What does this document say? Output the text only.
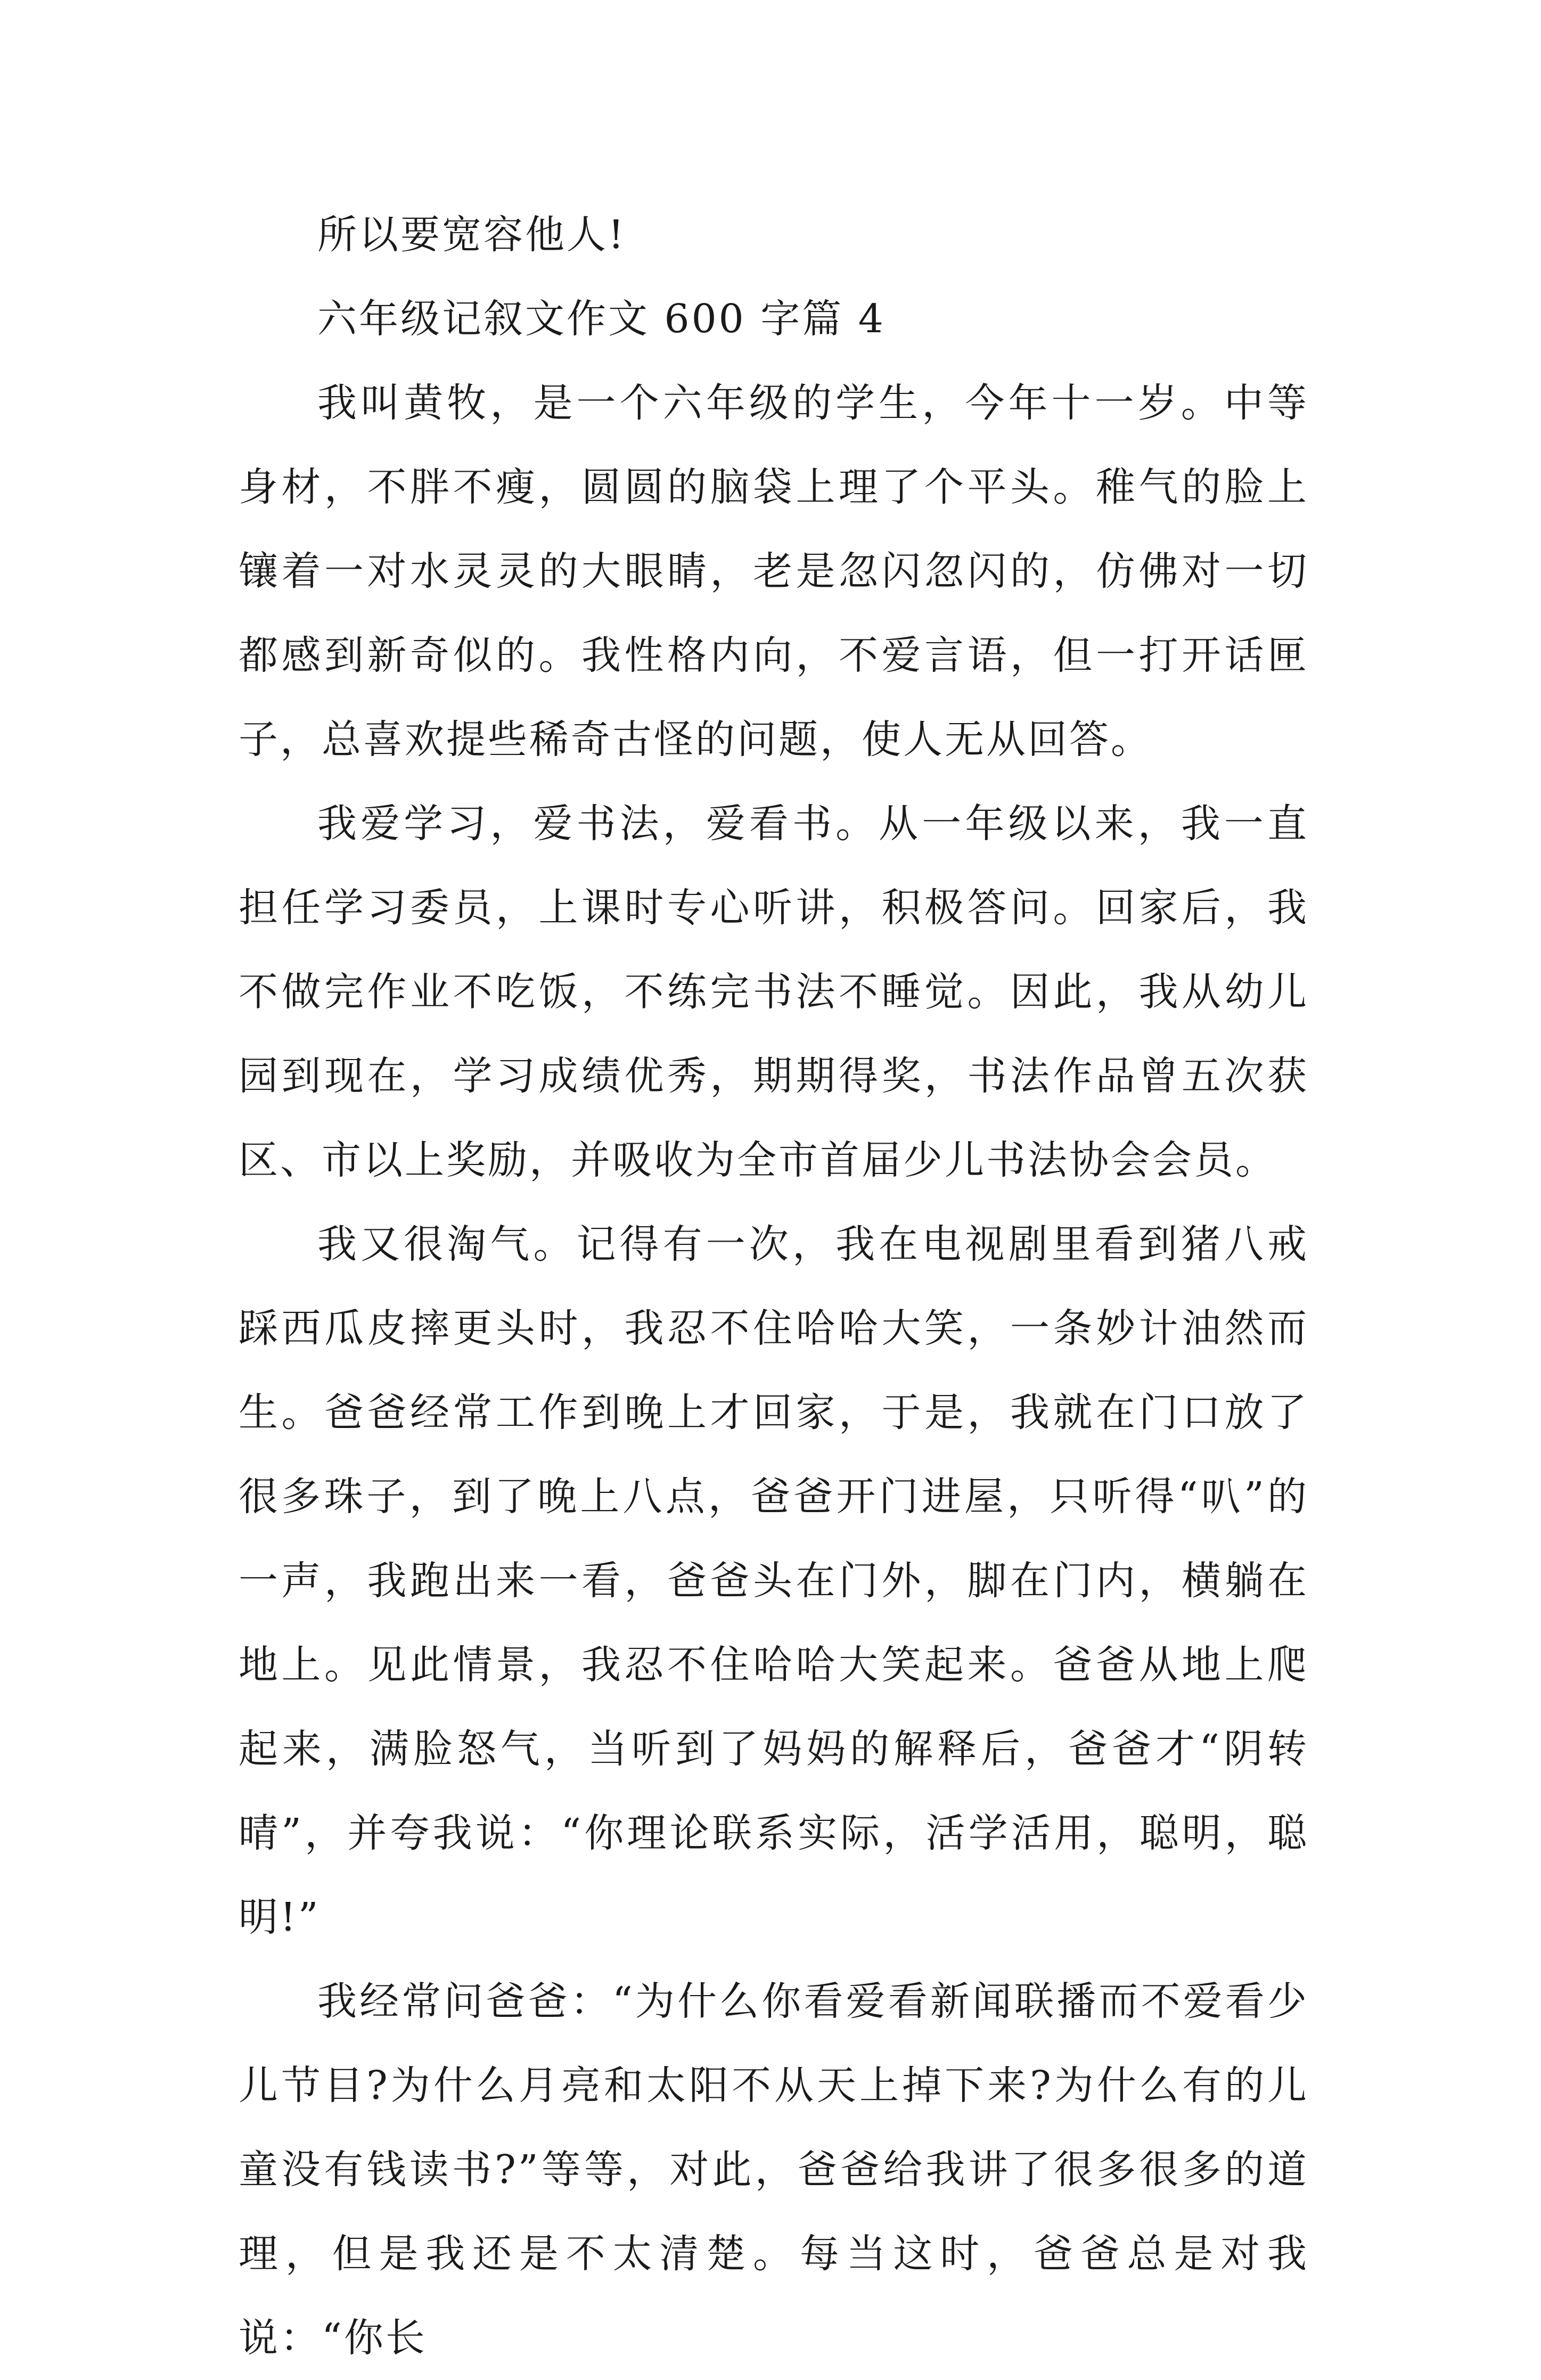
所以要宽容他人!

六年级记叙文作文 600 字篇 4

我叫黄牧，是一个六年级的学生，今年十一岁。中等身材，不胖不瘦，圆圆的脑袋上理了个平头。稚气的脸上镶着一对水灵灵的大眼睛，老是忽闪忽闪的，仿佛对一切都感到新奇似的。我性格内向，不爱言语，但一打开话匣子，总喜欢提些稀奇古怪的问题，使人无从回答。

我爱学习，爱书法，爱看书。从一年级以来，我一直担任学习委员，上课时专心听讲，积极答问。回家后，我不做完作业不吃饭，不练完书法不睡觉。因此，我从幼儿园到现在，学习成绩优秀，期期得奖，书法作品曾五次获区、市以上奖励，并吸收为全市首届少儿书法协会会员。

我又很淘气。记得有一次，我在电视剧里看到猪八戒踩西瓜皮摔更头时，我忍不住哈哈大笑，一条妙计油然而生。爸爸经常工作到晚上才回家，于是，我就在门口放了很多珠子，到了晚上八点，爸爸开门进屋，只听得“叭”的一声，我跑出来一看，爸爸头在门外，脚在门内，横躺在地上。见此情景，我忍不住哈哈大笑起来。爸爸从地上爬起来，满脸怒气，当听到了妈妈的解释后，爸爸才“阴转晴”，并夸我说：“你理论联系实际，活学活用，聪明，聪明!”

我经常问爸爸：“为什么你看爱看新闻联播而不爱看少儿节目?为什么月亮和太阳不从天上掉下来?为什么有的儿童没有钱读书?”等等，对此，爸爸给我讲了很多很多的道理，但是我还是不太清楚。每当这时，爸爸总是对我说：“你长
